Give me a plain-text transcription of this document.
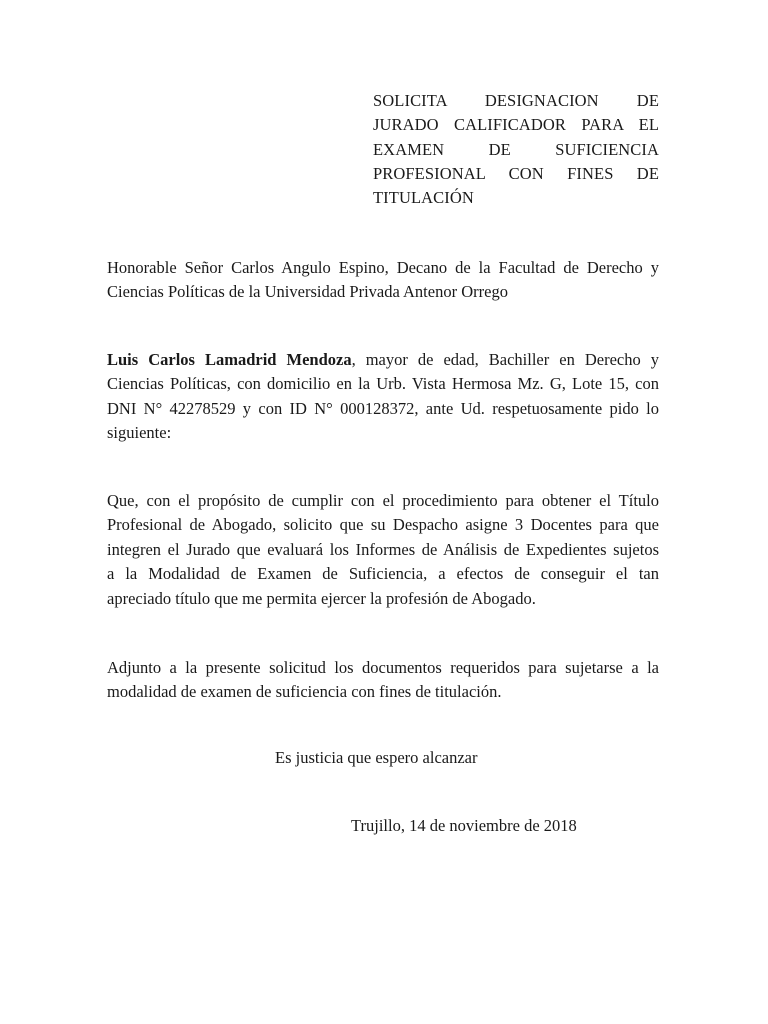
SOLICITA DESIGNACION DE
JURADO CALIFICADOR PARA EL
EXAMEN DE SUFICIENCIA
PROFESIONAL CON FINES DE
TITULACIÓN
Honorable Señor Carlos Angulo Espino, Decano de la Facultad de Derecho y
Ciencias Políticas de la Universidad Privada Antenor Orrego
Luis Carlos Lamadrid Mendoza, mayor de edad, Bachiller en Derecho y
Ciencias Políticas, con domicilio en la Urb. Vista Hermosa Mz. G, Lote 15, con
DNI N° 42278529 y con ID N° 000128372, ante Ud. respetuosamente pido lo
siguiente:
Que, con el propósito de cumplir con el procedimiento para obtener el Título
Profesional de Abogado, solicito que su Despacho asigne 3 Docentes para que
integren el Jurado que evaluará los Informes de Análisis de Expedientes sujetos
a la Modalidad de Examen de Suficiencia, a efectos de conseguir el tan
apreciado título que me permita ejercer la profesión de Abogado.
Adjunto a la presente solicitud los documentos requeridos para sujetarse a la
modalidad de examen de suficiencia con fines de titulación.
Es justicia que espero alcanzar
Trujillo, 14 de noviembre de 2018
